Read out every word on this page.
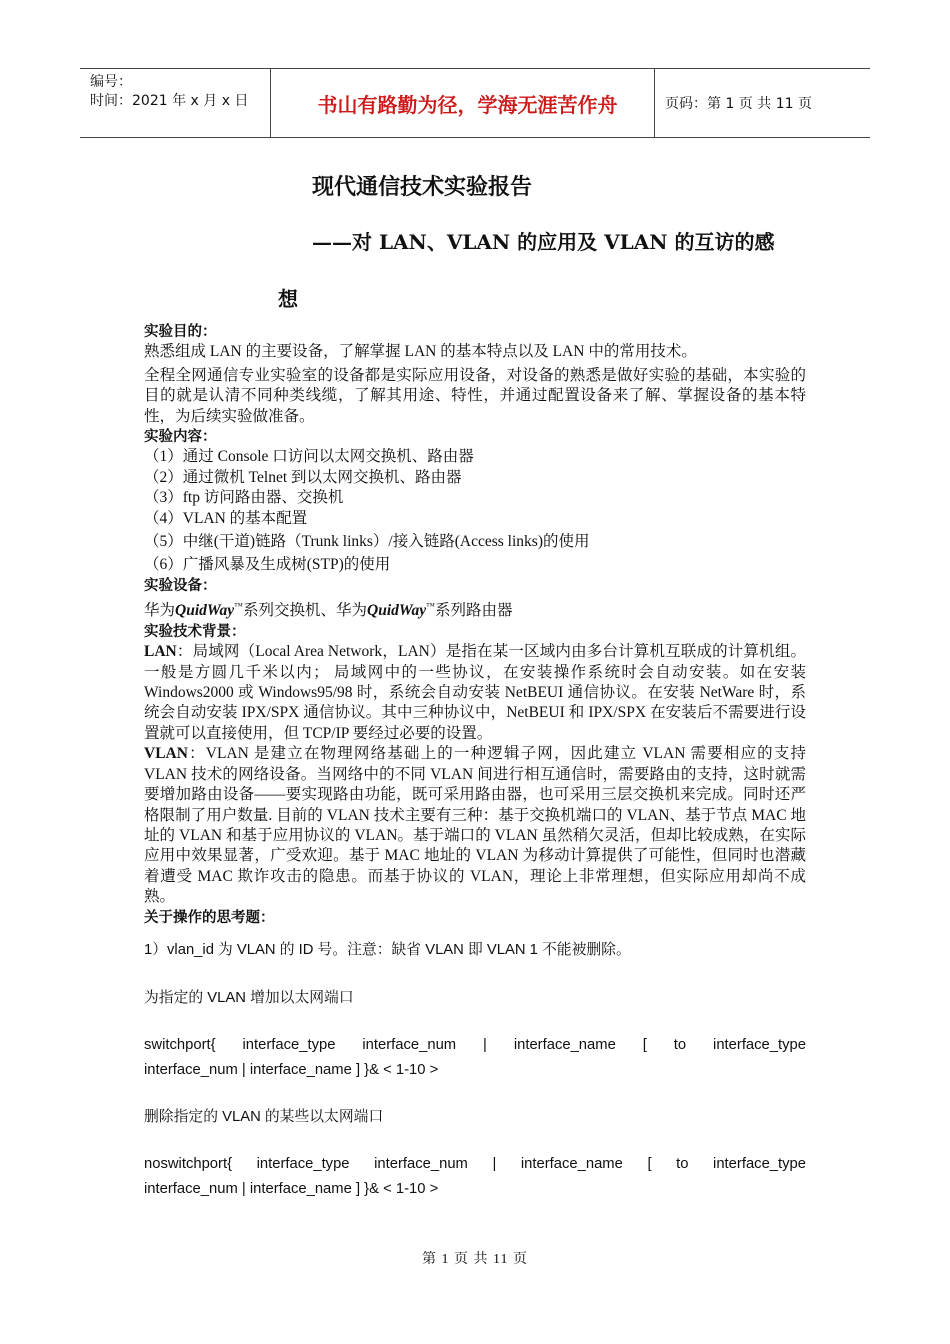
编号：
时间：2021 年 x 月 x 日	书山有路勤为径，学海无涯苦作舟	页码：第 1 页 共 11 页
现代通信技术实验报告
——对 LAN、VLAN 的应用及 VLAN 的互访的感
想

实验目的：

熟悉组成 LAN 的主要设备，了解掌握 LAN 的基本特点以及 LAN 中的常用技术。

全程全网通信专业实验室的设备都是实际应用设备，对设备的熟悉是做好实验的基础，本实验的目的就是认清不同种类线缆，了解其用途、特性，并通过配置设备来了解、掌握设备的基本特性，为后续实验做准备。

实验内容：

（1）通过 Console 口访问以太网交换机、路由器

（2）通过微机 Telnet 到以太网交换机、路由器

（3）ftp 访问路由器、交换机

（4）VLAN 的基本配置

（5）中继(干道)链路（Trunk links）/接入链路(Access links)的使用

（6）广播风暴及生成树(STP)的使用

实验设备：

华为QuidWay™系列交换机、华为QuidWay™系列路由器

实验技术背景：

LAN：局域网（Local Area Network，LAN）是指在某一区域内由多台计算机互联成的计算机组。一般是方圆几千米以内； 局域网中的一些协议，在安装操作系统时会自动安装。如在安装 Windows2000 或 Windows95/98 时，系统会自动安装 NetBEUI 通信协议。在安装 NetWare 时，系统会自动安装 IPX/SPX 通信协议。其中三种协议中，NetBEUI 和 IPX/SPX 在安装后不需要进行设置就可以直接使用，但 TCP/IP 要经过必要的设置。

VLAN：VLAN 是建立在物理网络基础上的一种逻辑子网，因此建立 VLAN 需要相应的支持 VLAN 技术的网络设备。当网络中的不同 VLAN 间进行相互通信时，需要路由的支持，这时就需要增加路由设备——要实现路由功能，既可采用路由器，也可采用三层交换机来完成。同时还严格限制了用户数量. 目前的 VLAN 技术主要有三种：基于交换机端口的 VLAN、基于节点 MAC 地址的 VLAN 和基于应用协议的 VLAN。基于端口的 VLAN 虽然稍欠灵活，但却比较成熟，在实际应用中效果显著，广受欢迎。基于 MAC 地址的 VLAN 为移动计算提供了可能性，但同时也潜藏着遭受 MAC 欺诈攻击的隐患。而基于协议的 VLAN，理论上非常理想，但实际应用却尚不成熟。

关于操作的思考题：

1）vlan_id 为 VLAN 的 ID 号。注意：缺省 VLAN 即 VLAN 1 不能被删除。
为指定的 VLAN 增加以太网端口

switchport{ interface_type interface_num | interface_name [ to interface_type

interface_num | interface_name ] }& < 1-10 >

删除指定的 VLAN 的某些以太网端口

noswitchport{ interface_type interface_num | interface_name [ to interface_type

interface_num | interface_name ] }& < 1-10 >

第 1 页 共 11 页
